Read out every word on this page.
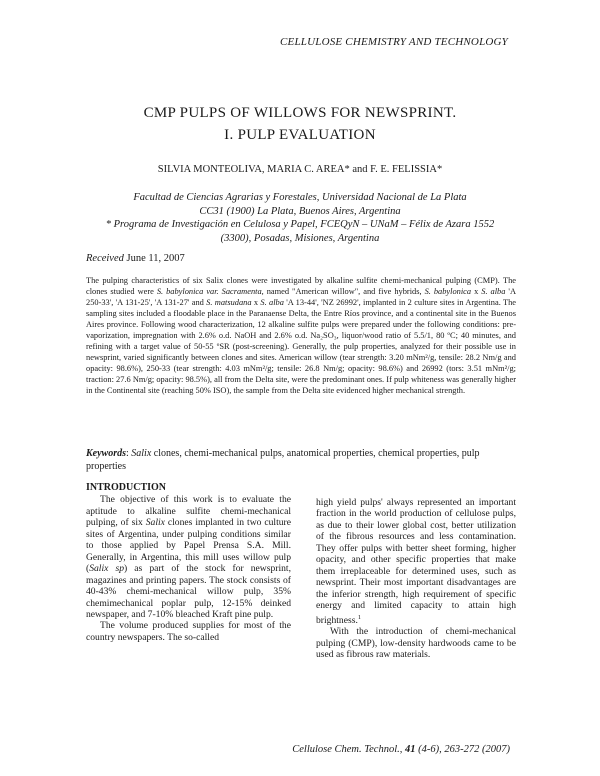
CELLULOSE CHEMISTRY AND TECHNOLOGY
CMP PULPS OF WILLOWS FOR NEWSPRINT.
I. PULP EVALUATION
SILVIA MONTEOLIVA, MARIA C. AREA* and F. E. FELISSIA*
Facultad de Ciencias Agrarias y Forestales, Universidad Nacional de La Plata
CC31 (1900) La Plata, Buenos Aires, Argentina
* Programa de Investigación en Celulosa y Papel, FCEQyN – UNaM – Félix de Azara 1552
(3300), Posadas, Misiones, Argentina
Received June 11, 2007
The pulping characteristics of six Salix clones were investigated by alkaline sulfite chemi-mechanical pulping (CMP). The clones studied were S. babylonica var. Sacramenta, named "American willow", and five hybrids, S. babylonica x S. alba 'A 250-33', 'A 131-25', 'A 131-27' and S. matsudana x S. alba 'A 13-44', 'NZ 26992', implanted in 2 culture sites in Argentina. The sampling sites included a floodable place in the Paranaense Delta, the Entre Ríos province, and a continental site in the Buenos Aires province. Following wood characterization, 12 alkaline sulfite pulps were prepared under the following conditions: pre-vaporization, impregnation with 2.6% o.d. NaOH and 2.6% o.d. Na₂SO₃, liquor/wood ratio of 5.5/1, 80 ºC; 40 minutes, and refining with a target value of 50-55 ºSR (post-screening). Generally, the pulp properties, analyzed for their possible use in newsprint, varied significantly between clones and sites. American willow (tear strength: 3.20 mNm²/g, tensile: 28.2 Nm/g and opacity: 98.6%), 250-33 (tear strength: 4.03 mNm²/g; tensile: 26.8 Nm/g; opacity: 98.6%) and 26992 (tors: 3.51 mNm²/g; traction: 27.6 Nm/g; opacity: 98.5%), all from the Delta site, were the predominant ones. If pulp whiteness was generally higher in the Continental site (reaching 50% ISO), the sample from the Delta site evidenced higher mechanical strength.
Keywords: Salix clones, chemi-mechanical pulps, anatomical properties, chemical properties, pulp properties
INTRODUCTION
The objective of this work is to evaluate the aptitude to alkaline sulfite chemi-mechanical pulping, of six Salix clones implanted in two culture sites of Argentina, under pulping conditions similar to those applied by Papel Prensa S.A. Mill. Generally, in Argentina, this mill uses willow pulp (Salix sp) as part of the stock for newsprint, magazines and printing papers. The stock consists of 40-43% chemi-mechanical willow pulp, 35% chemimechanical poplar pulp, 12-15% deinked newspaper, and 7-10% bleached Kraft pine pulp.
The volume produced supplies for most of the country newspapers. The so-called
high yield pulps' always represented an important fraction in the world production of cellulose pulps, as due to their lower global cost, better utilization of the fibrous resources and less contamination. They offer pulps with better sheet forming, higher opacity, and other specific properties that make them irreplaceable for determined uses, such as newsprint. Their most important disadvantages are the inferior strength, high requirement of specific energy and limited capacity to attain high brightness.$^1$
With the introduction of chemi-mechanical pulping (CMP), low-density hardwoods came to be used as fibrous raw materials.
Cellulose Chem. Technol., 41 (4-6), 263-272 (2007)
